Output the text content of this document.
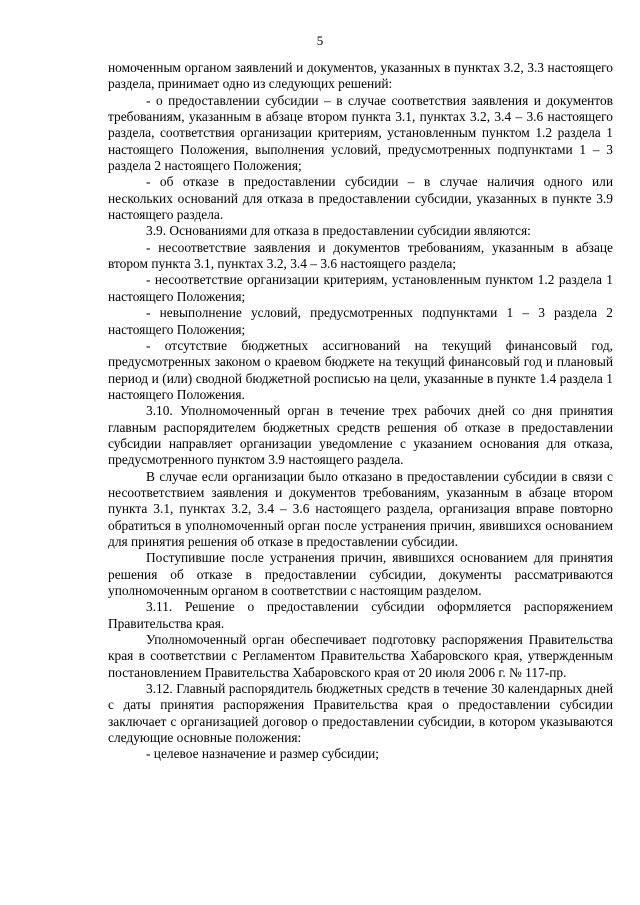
5

номоченным органом заявлений и документов, указанных в пунктах 3.2, 3.3 настоящего раздела, принимает одно из следующих решений:

- о предоставлении субсидии – в случае соответствия заявления и документов требованиям, указанным в абзаце втором пункта 3.1, пунктах 3.2, 3.4 – 3.6 настоящего раздела, соответствия организации критериям, установленным пунктом 1.2 раздела 1 настоящего Положения, выполнения условий, предусмотренных подпунктами 1 – 3 раздела 2 настоящего Положения;

- об отказе в предоставлении субсидии – в случае наличия одного или нескольких оснований для отказа в предоставлении субсидии, указанных в пункте 3.9 настоящего раздела.

3.9. Основаниями для отказа в предоставлении субсидии являются:

- несоответствие заявления и документов требованиям, указанным в абзаце втором пункта 3.1, пунктах 3.2, 3.4 – 3.6 настоящего раздела;

- несоответствие организации критериям, установленным пунктом 1.2 раздела 1 настоящего Положения;

- невыполнение условий, предусмотренных подпунктами 1 – 3 раздела 2 настоящего Положения;

- отсутствие бюджетных ассигнований на текущий финансовый год, предусмотренных законом о краевом бюджете на текущий финансовый год и плановый период и (или) сводной бюджетной росписью на цели, указанные в пункте 1.4 раздела 1 настоящего Положения.

3.10. Уполномоченный орган в течение трех рабочих дней со дня принятия главным распорядителем бюджетных средств решения об отказе в предоставлении субсидии направляет организации уведомление с указанием основания для отказа, предусмотренного пунктом 3.9 настоящего раздела.

В случае если организации было отказано в предоставлении субсидии в связи с несоответствием заявления и документов требованиям, указанным в абзаце втором пункта 3.1, пунктах 3.2, 3.4 – 3.6 настоящего раздела, организация вправе повторно обратиться в уполномоченный орган после устранения причин, явившихся основанием для принятия решения об отказе в предоставлении субсидии.

Поступившие после устранения причин, явившихся основанием для принятия решения об отказе в предоставлении субсидии, документы рассматриваются уполномоченным органом в соответствии с настоящим разделом.

3.11. Решение о предоставлении субсидии оформляется распоряжением Правительства края.

Уполномоченный орган обеспечивает подготовку распоряжения Правительства края в соответствии с Регламентом Правительства Хабаровского края, утвержденным постановлением Правительства Хабаровского края от 20 июля 2006 г. № 117-пр.

3.12. Главный распорядитель бюджетных средств в течение 30 календарных дней с даты принятия распоряжения Правительства края о предоставлении субсидии заключает с организацией договор о предоставлении субсидии, в котором указываются следующие основные положения:

- целевое назначение и размер субсидии;
